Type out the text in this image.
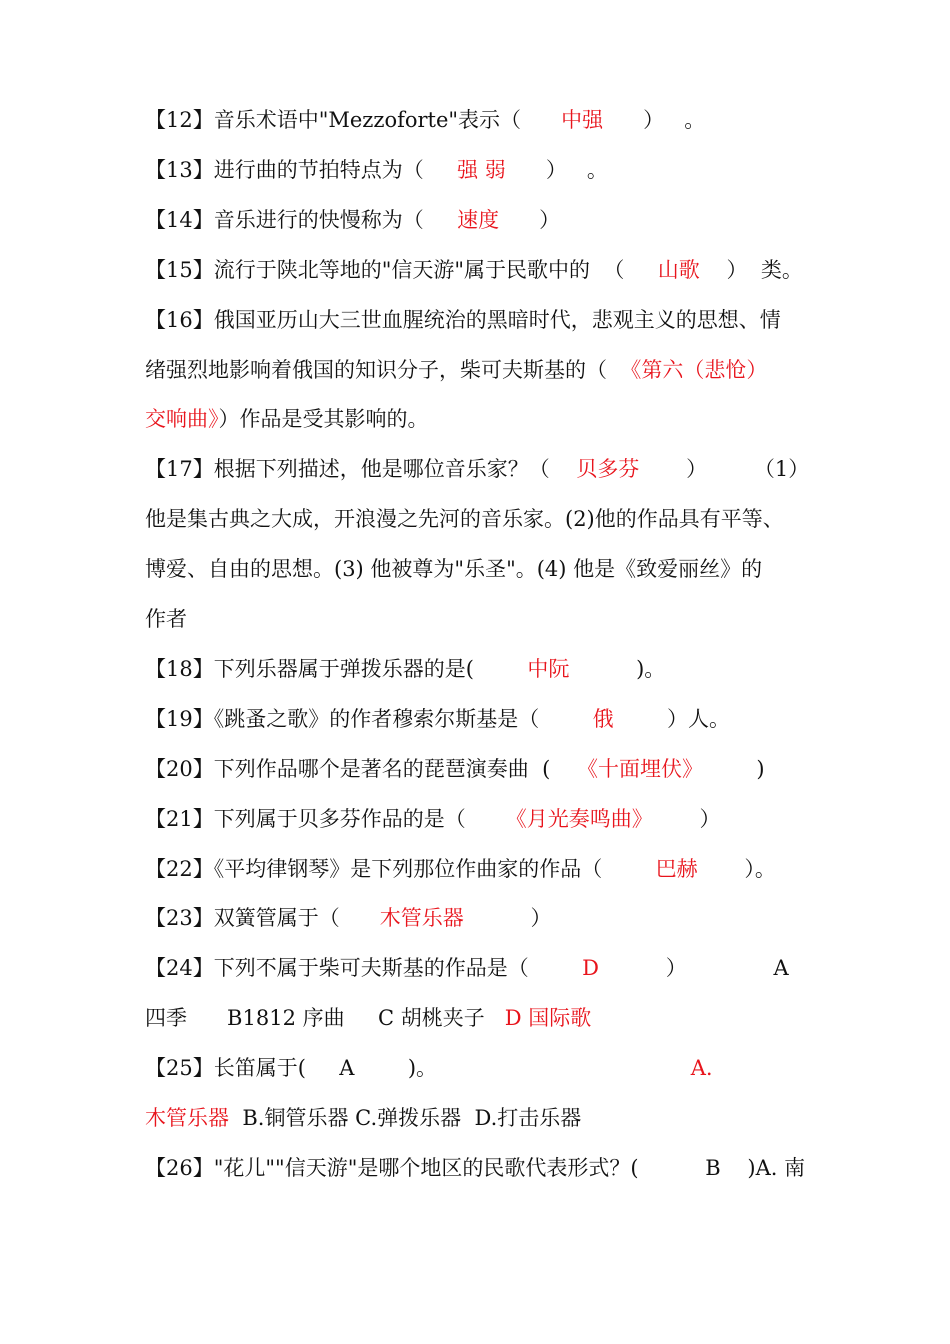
【12】音乐术语中"Mezzoforte"表示（      中强      ）   。
【13】进行曲的节拍特点为（     强 弱      ）   。
【14】音乐进行的快慢称为（     速度      ）
【15】流行于陕北等地的"信天游"属于民歌中的  （     山歌    ）  类。
【16】俄国亚历山大三世血腥统治的黑暗时代，悲观主义的思想、情
绪强烈地影响着俄国的知识分子，柴可夫斯基的（  《第六（悲怆）
交响曲》）作品是受其影响的。
【17】根据下列描述，他是哪位音乐家？（    贝多芬       ）       （1）
他是集古典之大成，开浪漫之先河的音乐家。(2)他的作品具有平等、
博爱、自由的思想。(3) 他被尊为"乐圣"。(4) 他是《致爱丽丝》的
作者
【18】下列乐器属于弹拨乐器的是(        中阮          )。
【19】《跳蚤之歌》的作者穆索尔斯基是（        俄        ）人。
【20】下列作品哪个是著名的琵琶演奏曲  (    《十面埋伏》        )
【21】下列属于贝多芬作品的是（      《月光奏鸣曲》       ）
【22】《平均律钢琴》是下列那位作曲家的作品（        巴赫       ）。
【23】双簧管属于（      木管乐器          ）
【24】下列不属于柴可夫斯基的作品是（        D          ）             A
四季      B1812 序曲     C 胡桃夹子   D 国际歌
【25】长笛属于(     A        )。                                      A.
木管乐器  B.铜管乐器 C.弹拨乐器  D.打击乐器
【26】"花儿""信天游"是哪个地区的民歌代表形式？(          B    )A. 南
